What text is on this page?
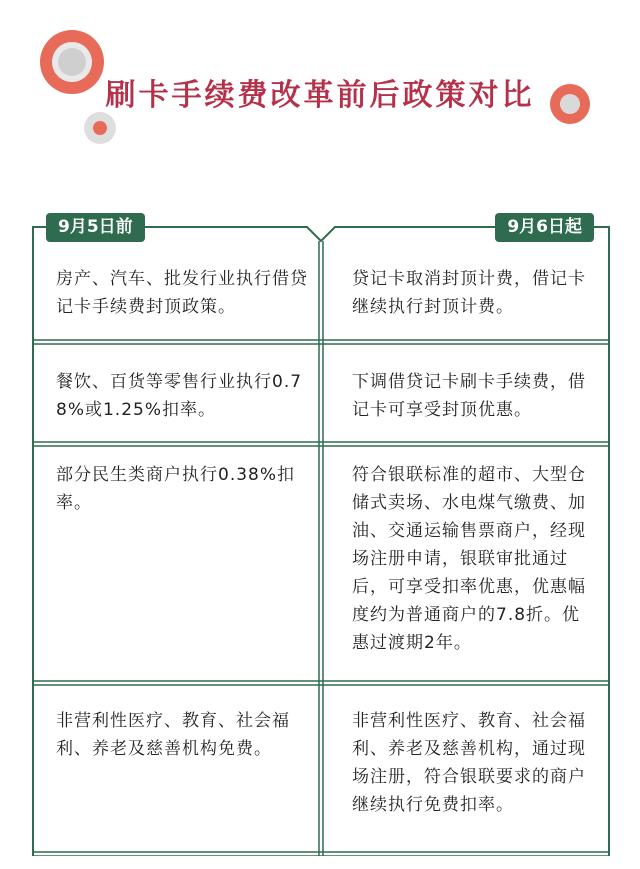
刷卡手续费改革前后政策对比
9月5日前	9月6日起
房产、汽车、批发行业执行借贷记卡手续费封顶政策。
贷记卡取消封顶计费，借记卡继续执行封顶计费。
餐饮、百货等零售行业执行0.78%或1.25%扣率。
下调借贷记卡刷卡手续费，借记卡可享受封顶优惠。
部分民生类商户执行0.38%扣率。
符合银联标准的超市、大型仓储式卖场、水电煤气缴费、加油、交通运输售票商户，经现场注册申请，银联审批通过后，可享受扣率优惠，优惠幅度约为普通商户的7.8折。优惠过渡期2年。
非营利性医疗、教育、社会福利、养老及慈善机构免费。
非营利性医疗、教育、社会福利、养老及慈善机构，通过现场注册，符合银联要求的商户继续执行免费扣率。
